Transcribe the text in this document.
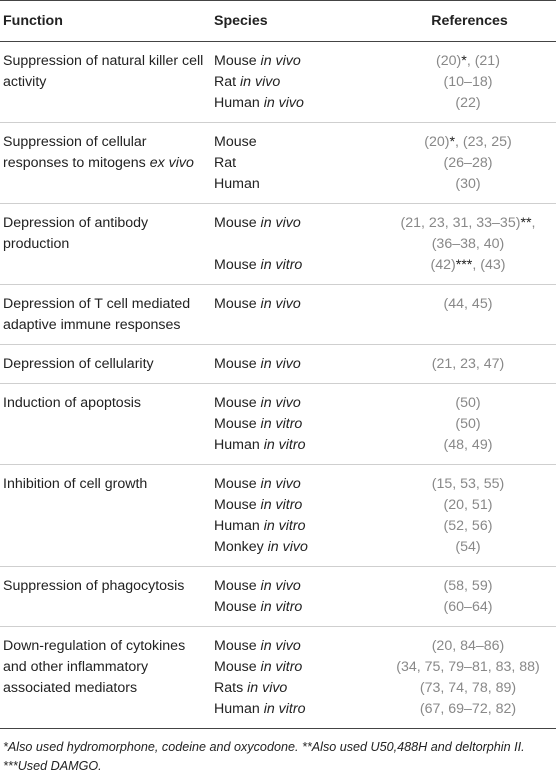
Function	Species	References
Suppression of natural killer cell activity	Mouse in vivo	(20)*, (21)
	Rat in vivo	(10–18)
	Human in vivo	(22)
Suppression of cellular responses to mitogens ex vivo	Mouse	(20)*, (23, 25)
	Rat	(26–28)
	Human	(30)
Depression of antibody production	Mouse in vivo	(21, 23, 31, 33–35)**,
(36–38, 40)
	Mouse in vitro	(42)***, (43)
Depression of T cell mediated adaptive immune responses	Mouse in vivo	(44, 45)
Depression of cellularity	Mouse in vivo	(21, 23, 47)
Induction of apoptosis	Mouse in vivo	(50)
	Mouse in vitro	(50)
	Human in vitro	(48, 49)
Inhibition of cell growth	Mouse in vivo	(15, 53, 55)
	Mouse in vitro	(20, 51)
	Human in vitro	(52, 56)
	Monkey in vivo	(54)
Suppression of phagocytosis	Mouse in vivo	(58, 59)
	Mouse in vitro	(60–64)
Down-regulation of cytokines and other inflammatory associated mediators	Mouse in vivo	(20, 84–86)
	Mouse in vitro	(34, 75, 79–81, 83, 88)
	Rats in vivo	(73, 74, 78, 89)
	Human in vitro	(67, 69–72, 82)
*Also used hydromorphone, codeine and oxycodone. **Also used U50,488H and deltorphin II. ***Used DAMGO.
